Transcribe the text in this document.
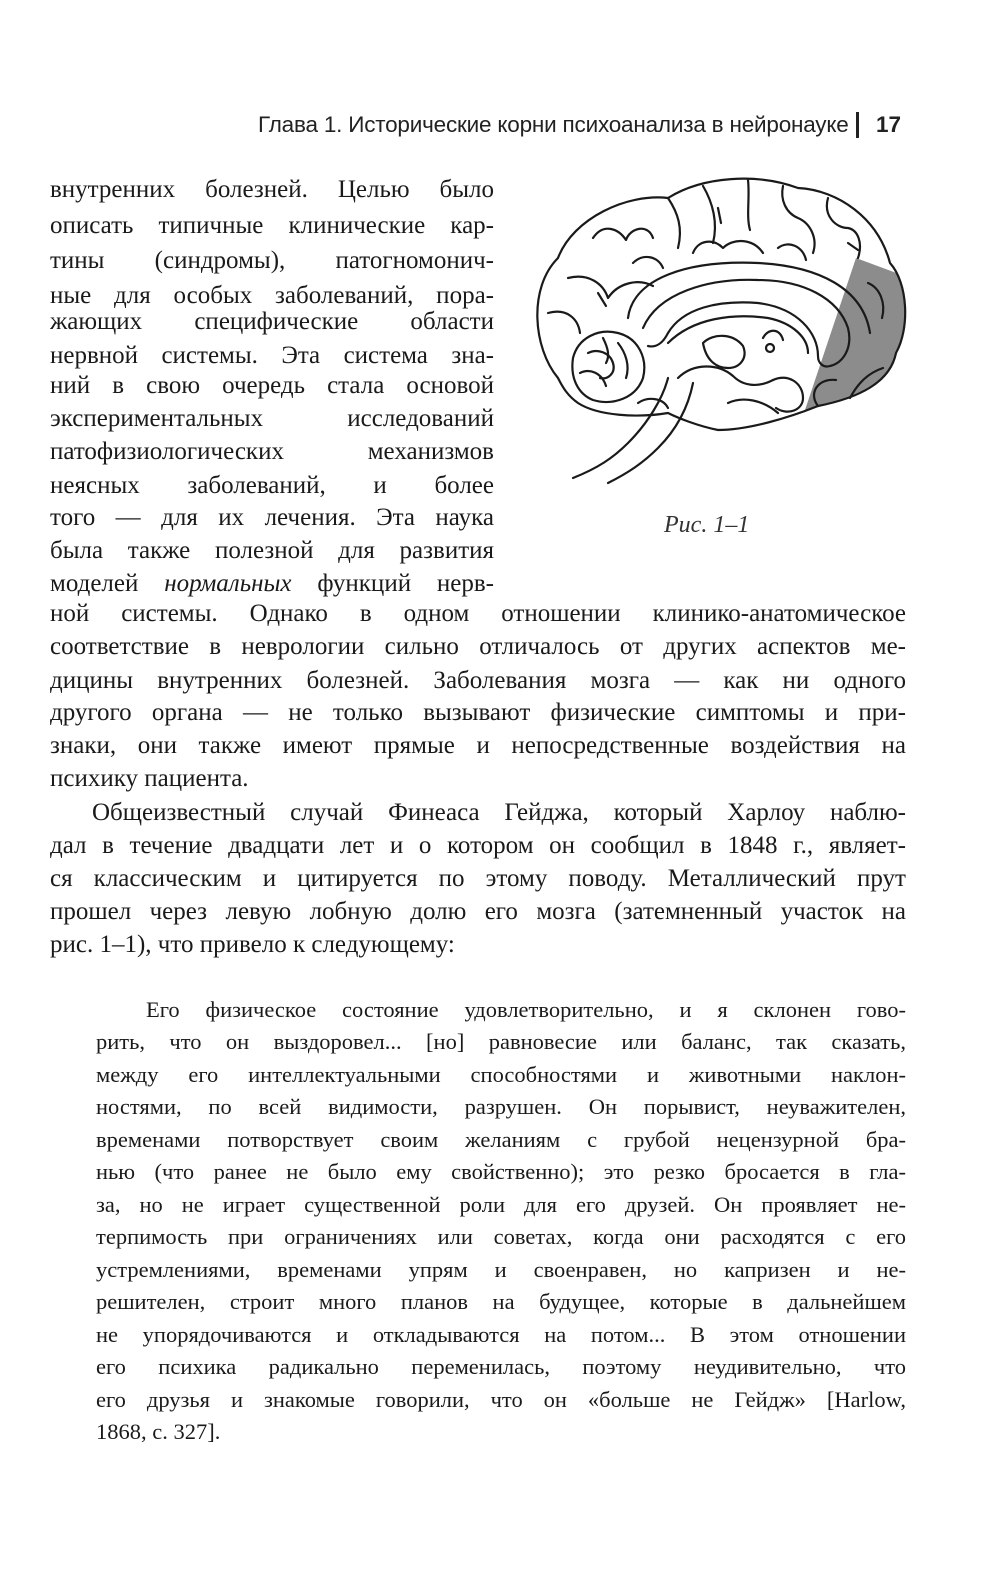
Глава 1. Исторические корни психоанализа в нейронауке 17
Рис. 1–1
внутренних болезней. Целью было
описать типичные клинические кар-
тины (синдромы), патогномонич-
ные для особых заболеваний, пора-
жающих специфические области
нервной системы. Эта система зна-
ний в свою очередь стала основой
экспериментальных исследований
патофизиологических механизмов
неясных заболеваний, и более
того — для их лечения. Эта наука
была также полезной для развития
моделей нормальных функций нерв-
ной системы. Однако в одном отношении клинико-анатомическое
соответствие в неврологии сильно отличалось от других аспектов ме-
дицины внутренних болезней. Заболевания мозга — как ни одного
другого органа — не только вызывают физические симптомы и при-
знаки, они также имеют прямые и непосредственные воздействия на
психику пациента.
Общеизвестный случай Финеаса Гейджа, который Харлоу наблю-
дал в течение двадцати лет и о котором он сообщил в 1848 г., являет-
ся классическим и цитируется по этому поводу. Металлический прут
прошел через левую лобную долю его мозга (затемненный участок на
рис. 1–1), что привело к следующему:
Его физическое состояние удовлетворительно, и я склонен гово-
рить, что он выздоровел... [но] равновесие или баланс, так сказать,
между его интеллектуальными способностями и животными наклон-
ностями, по всей видимости, разрушен. Он порывист, неуважителен,
временами потворствует своим желаниям с грубой нецензурной бра-
нью (что ранее не было ему свойственно); это резко бросается в гла-
за, но не играет существенной роли для его друзей. Он проявляет не-
терпимость при ограничениях или советах, когда они расходятся с его
устремлениями, временами упрям и своенравен, но капризен и не-
решителен, строит много планов на будущее, которые в дальнейшем
не упорядочиваются и откладываются на потом... В этом отношении
его психика радикально переменилась, поэтому неудивительно, что
его друзья и знакомые говорили, что он «больше не Гейдж» [Harlow,
1868, с. 327].
